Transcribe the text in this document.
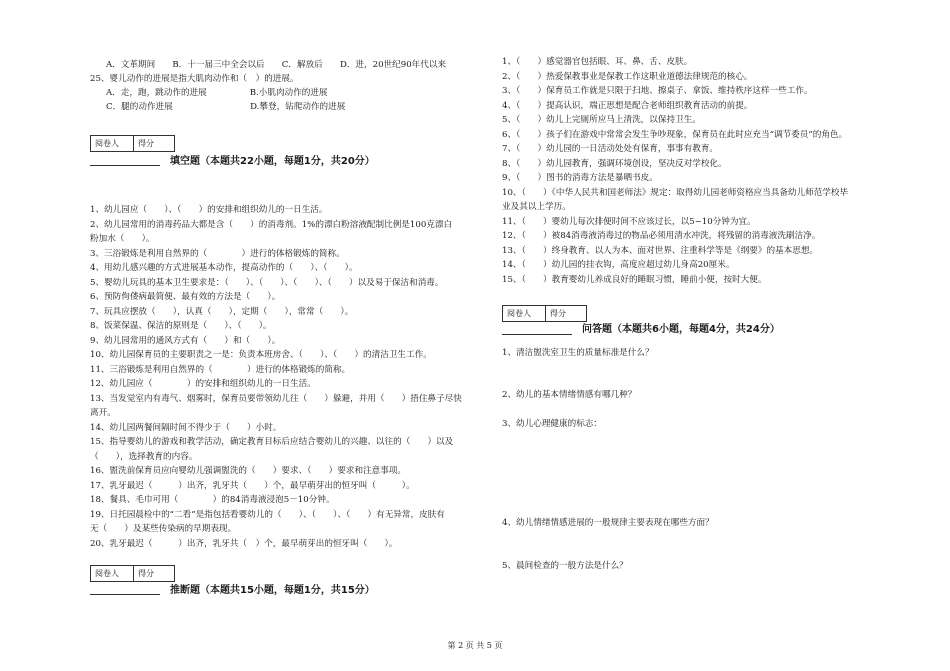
A．文革期间　　B．十一届三中全会以后　　C．解放后　　D．进，20世纪90年代以来
25、婴儿动作的进展是指大肌肉动作和（　）的进展。
A．走，跑，跳动作的进展　　　　　B.小肌肉动作的进展
C．腿的动作进展　　　　　　　　　D.攀登，钻爬动作的进展
阅卷人	得分
填空题（本题共22小题，每题1分，共20分）
1、幼儿园应（　　）、（　　）的安排和组织幼儿的一日生活。
2、幼儿园常用的消毒药品大都是含（　　）的消毒剂。1%的漂白粉溶液配制比例是100克漂白
粉加水（　　）。
3、三浴锻炼是利用自然界的（　　　　）进行的体格锻炼的简称。
4、用幼儿感兴趣的方式进展基本动作，提高动作的（　　）、（　　）。
5、婴幼儿玩具的基本卫生要求是：（　　）、（　　）、（　　）、（　　）以及易于保洁和消毒。
6、预防佝偻病最简便、最有效的方法是（　　）。
7、玩具应摆放（　　），认真（　　），定期（　　），常常（　　）。
8、饭菜保温、保洁的原则是（　　）、（　　）。
9、幼儿园常用的通风方式有（　　）和（　　）。
10、幼儿园保育员的主要职责之一是：负责本班房舍、（　　）、（　　）的清洁卫生工作。
11、三浴锻炼是利用自然界的（　　　　）进行的体格锻炼的简称。
12、幼儿园应（　　　　）的安排和组织幼儿的一日生活。
13、当发觉室内有毒气、烟雾时，保育员要带领幼儿往（　　）躲避，并用（　　）捂住鼻子尽快
离开。
14、幼儿园两餐间隔时间不得少于（　　）小时。
15、指导婴幼儿的游戏和教学活动，确定教育目标后应结合婴幼儿的兴趣、以往的（　　）以及
（　　），选择教育的内容。
16、盥洗前保育员应向婴幼儿强调盥洗的（　　）要求、（　　）要求和注意事项。
17、乳牙最迟（　　　）出齐，乳牙共（　　）个，最早萌芽出的恒牙叫（　　　）。
18、餐具、毛巾可用（　　　　）的84消毒液浸泡5－10分钟。
19、日托园晨检中的“二看”是指包括看婴幼儿的（　　）、（　　）、（　　）有无异常，皮肤有
无（　　）及某些传染病的早期表现。
20、乳牙最迟（　　　）出齐，乳牙共（　）个，最早萌芽出的恒牙叫（　　）。
阅卷人	得分
推断题（本题共15小题，每题1分，共15分）
1、（　　）感觉器官包括眼、耳、鼻、舌、皮肤。
2、（　　）热爱保教事业是保教工作这职业道德法律规范的核心。
3、（　　）保育员工作就是只限于扫地、擦桌子、拿饭、维持秩序这样一些工作。
4、（　　）提高认识，端正思想是配合老师组织教育活动的前提。
5、（　　）幼儿上完厕所应马上清洗，以保持卫生。
6、（　　）孩子们在游戏中常常会发生争吵现象，保育员在此时应充当“调节委员”的角色。
7、（　　）幼儿园的一日活动处处有保育，事事有教育。
8、（　　）幼儿园教育，强调环境创设，坚决反对学校化。
9、（　　）图书的消毒方法是暴晒书皮。
10、（　　）《中华人民共和国老师法》规定：取得幼儿园老师资格应当具备幼儿师范学校毕
业及其以上学历。
11、（　　）婴幼儿每次排便时间不应该过长，以5~10分钟为宜。
12、（　　）被84消毒液消毒过的物品必须用清水冲洗，将残留的消毒液洗刷洁净。
13、（　　）终身教育、以人为本、面对世界、注重科学等是《纲要》的基本思想。
14、（　　）幼儿园的挂衣钩，高度应超过幼儿身高20厘米。
15、（　　）教育婴幼儿养成良好的睡眠习惯，睡前小便，按时大便。
阅卷人	得分
问答题（本题共6小题，每题4分，共24分）
1、清洁盥洗室卫生的质量标准是什么？
2、幼儿的基本情绪情感有哪几种？
3、幼儿心理健康的标志：
4、幼儿情绪情感进展的一般规律主要表现在哪些方面？
5、晨间检查的一般方法是什么？
第 2 页 共 5 页
